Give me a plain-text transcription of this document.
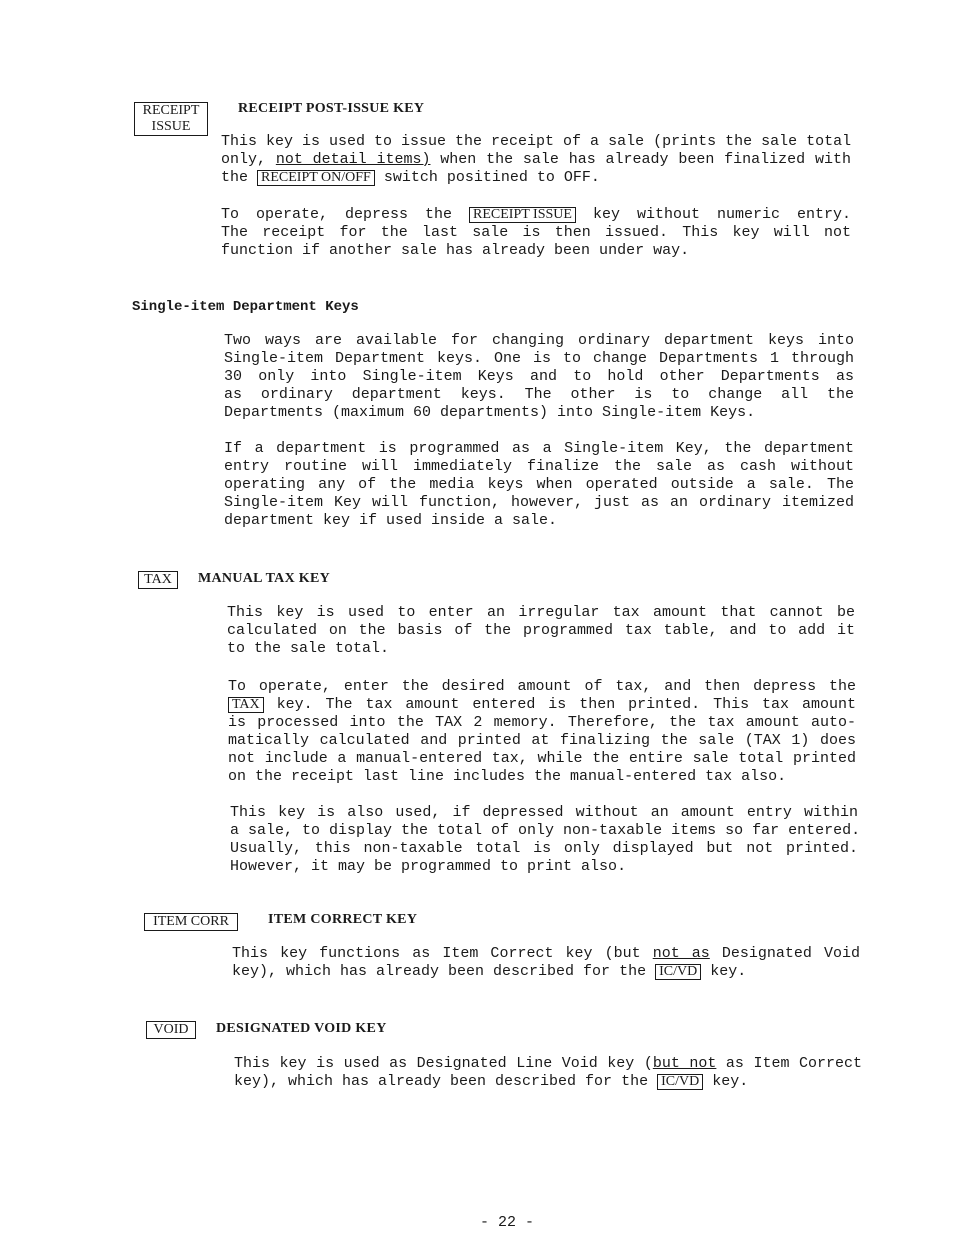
RECEIPT
ISSUE
RECEIPT POST-ISSUE KEY
This key is used to issue the receipt of a sale (prints the sale total
only, not detail items) when the sale has already been finalized with
the RECEIPT ON/OFF switch positined to OFF.
To operate, depress the RECEIPT ISSUE key without numeric entry.
The receipt for the last sale is then issued. This key will not
function if another sale has already been under way.
Single-item Department Keys
Two ways are available for changing ordinary department keys into
Single-item Department keys. One is to change Departments 1 through
30 only into Single-item Keys and to hold other Departments as
as ordinary department keys. The other is to change all the
Departments (maximum 60 departments) into Single-item Keys.
If a department is programmed as a Single-item Key, the department
entry routine will immediately finalize the sale as cash without
operating any of the media keys when operated outside a sale. The
Single-item Key will function, however, just as an ordinary itemized
department key if used inside a sale.
TAX	MANUAL TAX KEY
This key is used to enter an irregular tax amount that cannot be
calculated on the basis of the programmed tax table, and to add it
to the sale total.
To operate, enter the desired amount of tax, and then depress the
TAX key. The tax amount entered is then printed. This tax amount
is processed into the TAX 2 memory. Therefore, the tax amount auto-
matically calculated and printed at finalizing the sale (TAX 1) does
not include a manual-entered tax, while the entire sale total printed
on the receipt last line includes the manual-entered tax also.
This key is also used, if depressed without an amount entry within
a sale, to display the total of only non-taxable items so far entered.
Usually, this non-taxable total is only displayed but not printed.
However, it may be programmed to print also.
ITEM CORR	ITEM CORRECT KEY
This key functions as Item Correct key (but not as Designated Void
key), which has already been described for the IC/VD key.
VOID	DESIGNATED VOID KEY
This key is used as Designated Line Void key (but not as Item Correct
key), which has already been described for the IC/VD key.
- 22 -
